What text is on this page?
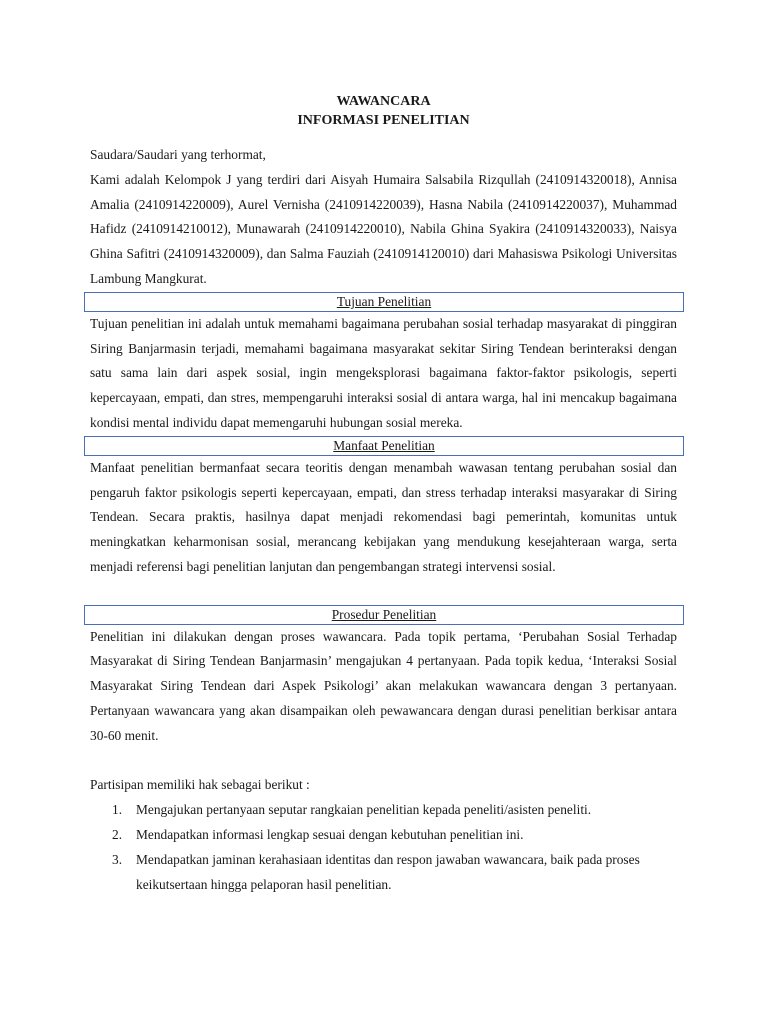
WAWANCARA
INFORMASI PENELITIAN

Saudara/Saudari yang terhormat,

Kami adalah Kelompok J yang terdiri dari Aisyah Humaira Salsabila Rizqullah (2410914320018), Annisa Amalia (2410914220009), Aurel Vernisha (2410914220039), Hasna Nabila (2410914220037), Muhammad Hafidz (2410914210012), Munawarah (2410914220010), Nabila Ghina Syakira (2410914320033), Naisya Ghina Safitri (2410914320009), dan Salma Fauziah (2410914120010) dari Mahasiswa Psikologi Universitas Lambung Mangkurat.

Tujuan Penelitian

Tujuan penelitian ini adalah untuk memahami bagaimana perubahan sosial terhadap masyarakat di pinggiran Siring Banjarmasin terjadi, memahami bagaimana masyarakat sekitar Siring Tendean berinteraksi dengan satu sama lain dari aspek sosial, ingin mengeksplorasi bagaimana faktor-faktor psikologis, seperti kepercayaan, empati, dan stres, mempengaruhi interaksi sosial di antara warga, hal ini mencakup bagaimana kondisi mental individu dapat memengaruhi hubungan sosial mereka.

Manfaat Penelitian

Manfaat penelitian bermanfaat secara teoritis dengan menambah wawasan tentang perubahan sosial dan pengaruh faktor psikologis seperti kepercayaan, empati, dan stress terhadap interaksi masyarakar di Siring Tendean. Secara praktis, hasilnya dapat menjadi rekomendasi bagi pemerintah, komunitas untuk meningkatkan keharmonisan sosial, merancang kebijakan yang mendukung kesejahteraan warga, serta menjadi referensi bagi penelitian lanjutan dan pengembangan strategi intervensi sosial.

Prosedur Penelitian

Penelitian ini dilakukan dengan proses wawancara. Pada topik pertama, ‘Perubahan Sosial Terhadap Masyarakat di Siring Tendean Banjarmasin’ mengajukan 4 pertanyaan. Pada topik kedua, ‘Interaksi Sosial Masyarakat Siring Tendean dari Aspek Psikologi’ akan melakukan wawancara dengan 3 pertanyaan. Pertanyaan wawancara yang akan disampaikan oleh pewawancara dengan durasi penelitian berkisar antara 30-60 menit.

Partisipan memiliki hak sebagai berikut :

1. Mengajukan pertanyaan seputar rangkaian penelitian kepada peneliti/asisten peneliti.
2. Mendapatkan informasi lengkap sesuai dengan kebutuhan penelitian ini.
3. Mendapatkan jaminan kerahasiaan identitas dan respon jawaban wawancara, baik pada proses keikutsertaan hingga pelaporan hasil penelitian.
